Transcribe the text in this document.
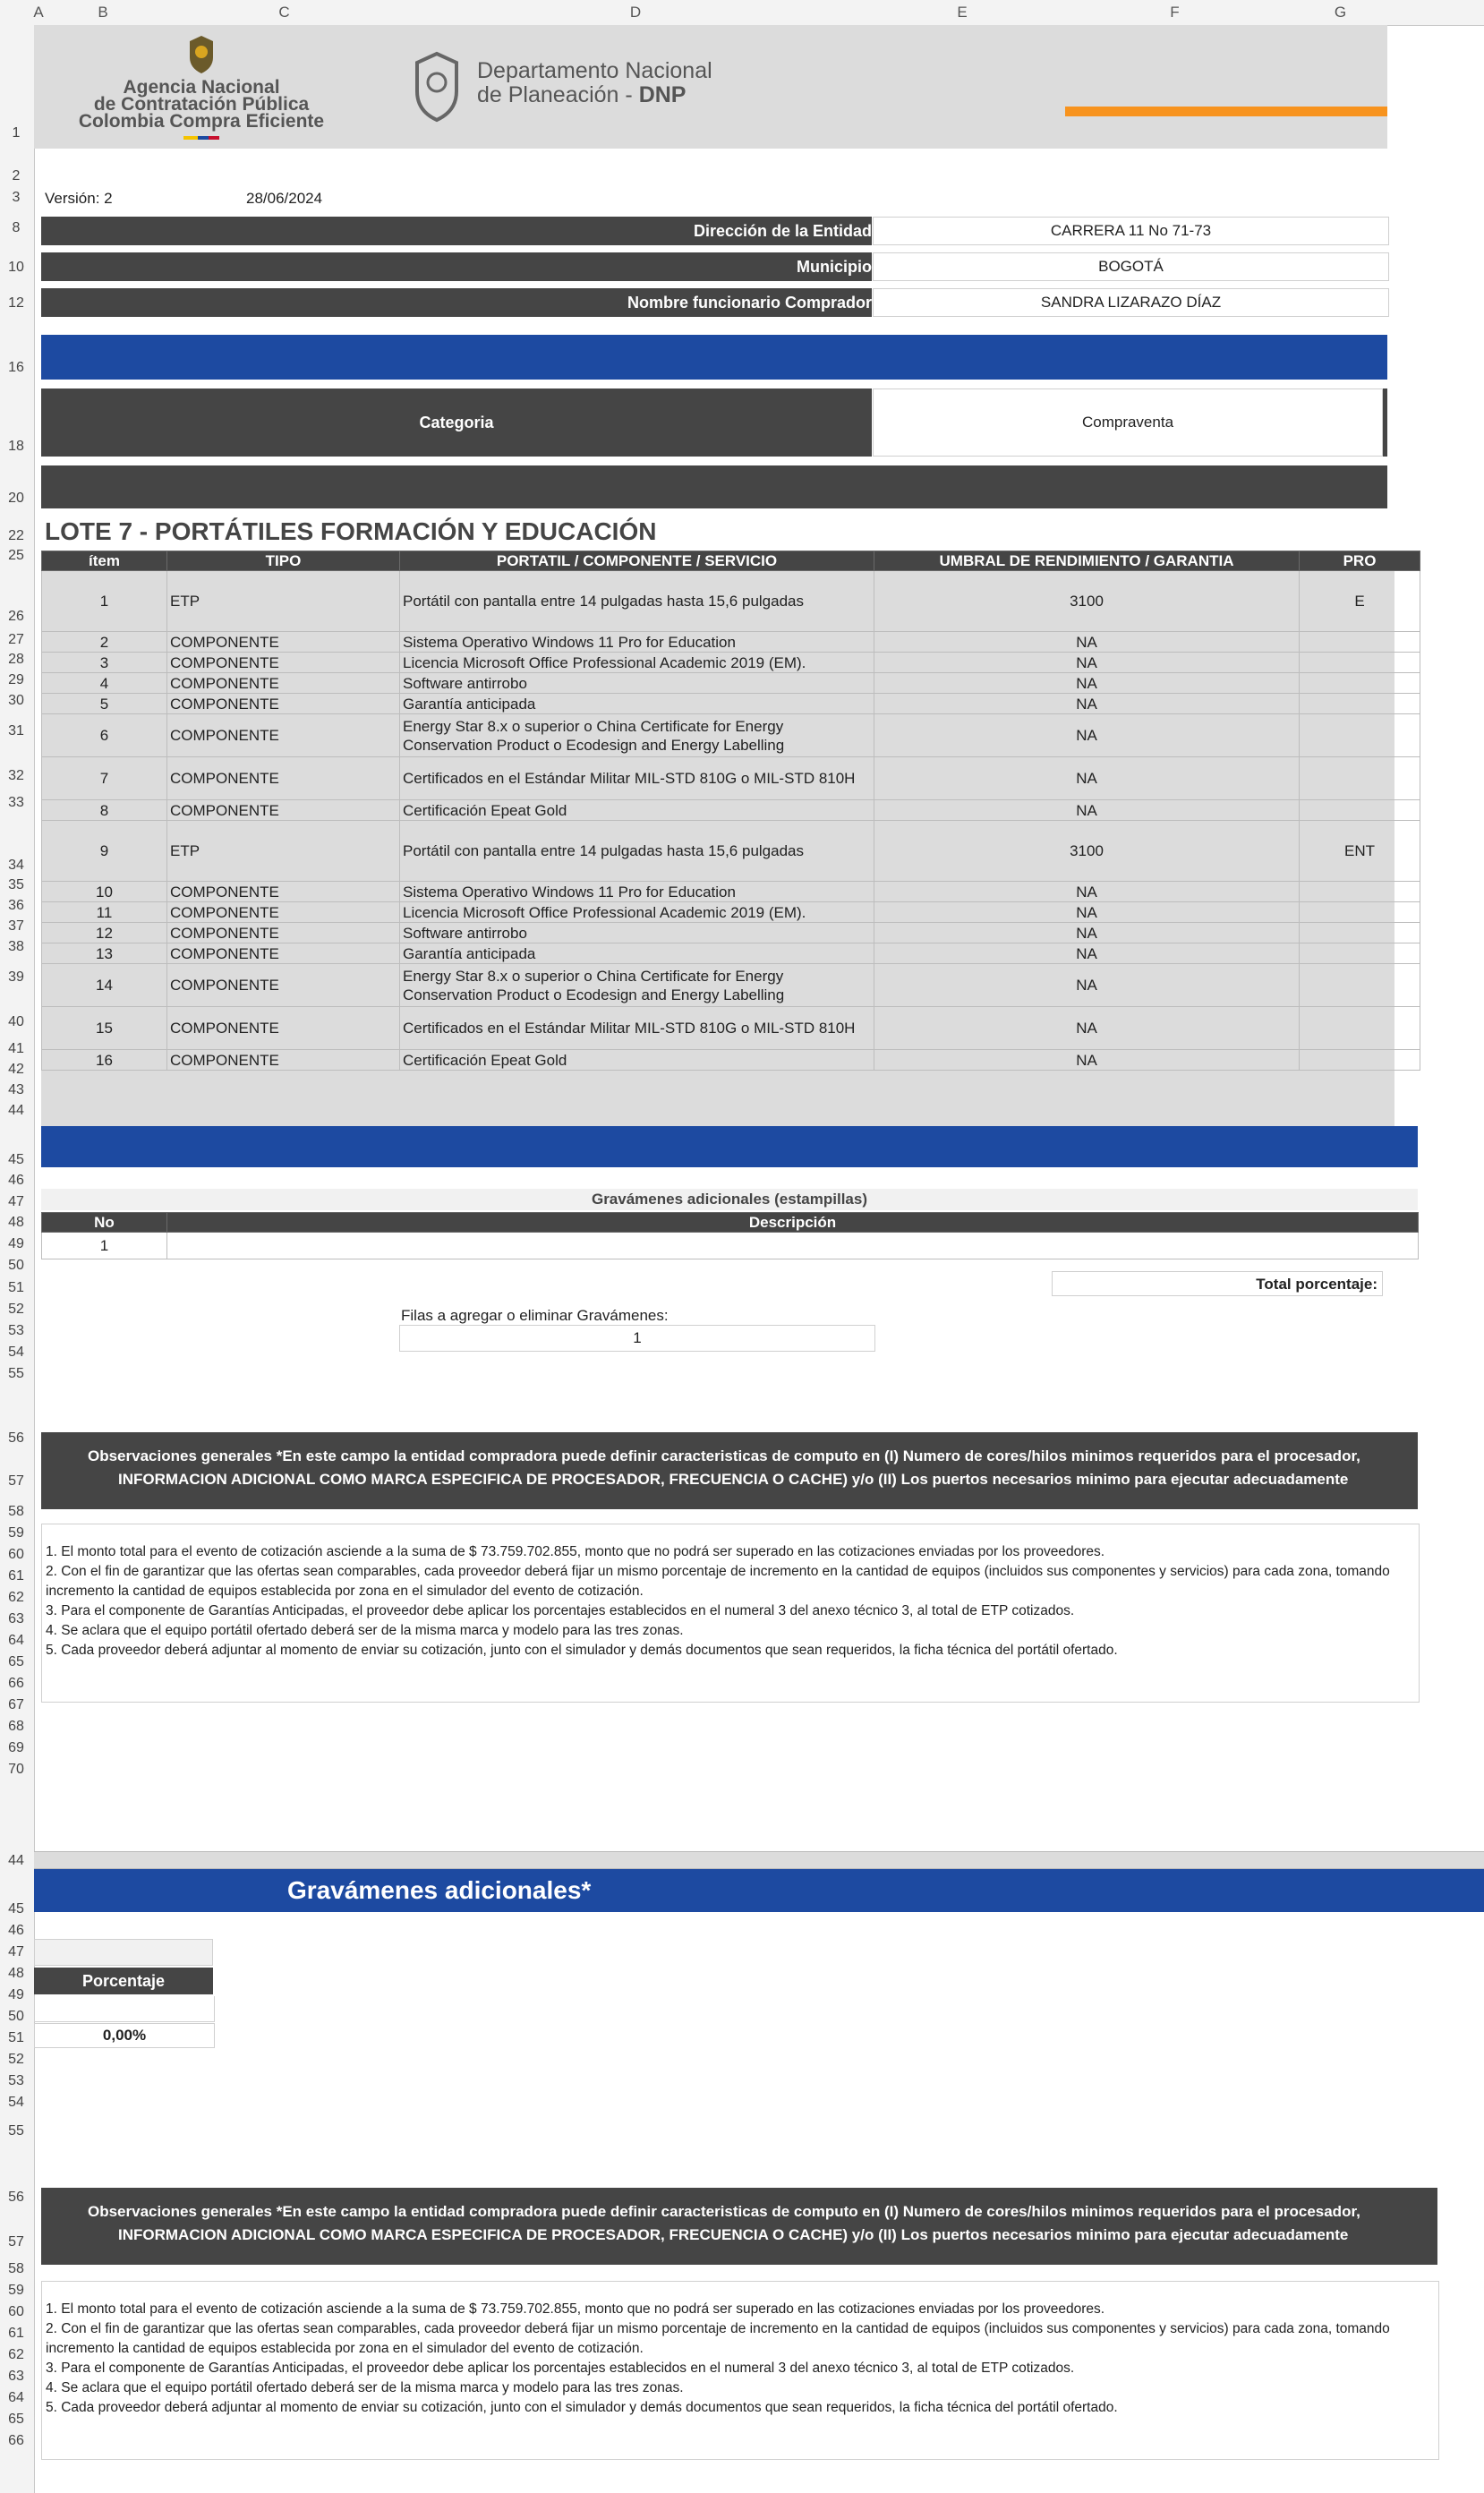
A	B	C	D	E	F	G
1
2
3
8
10
12
16
18
20
22
25
26
27
28
29
30
31
32
33
34
35
36
37
38
39
40
41
42
43
44
45
46
47
48
49
50
51
52
53
54
55
56
57
58
59
60
61
62
63
64
65
66
67
68
69
70
44
45
46
47
48
49
50
51
52
53
54
55
56
57
58
59
60
61
62
63
64
65
66
Agencia Nacional
de Contratación Pública
Colombia Compra Eficiente
Departamento Nacional
de Planeación - DNP
Versión: 2	28/06/2024
Dirección de la Entidad	CARRERA 11 No 71-73
Municipio	BOGOTÁ
Nombre funcionario Comprador	SANDRA LIZARAZO DÍAZ
Categoria	Compraventa
LOTE 7 - PORTÁTILES FORMACIÓN Y EDUCACIÓN
ítem	TIPO	PORTATIL / COMPONENTE / SERVICIO	UMBRAL DE RENDIMIENTO / GARANTIA	PRO
1	ETP	Portátil con pantalla entre 14 pulgadas hasta 15,6 pulgadas	3100	E
2	COMPONENTE	Sistema Operativo Windows 11 Pro for Education	NA	
3	COMPONENTE	Licencia Microsoft Office Professional Academic 2019 (EM).	NA	
4	COMPONENTE	Software antirrobo	NA	
5	COMPONENTE	Garantía anticipada	NA	
6	COMPONENTE	Energy Star 8.x o superior o China Certificate for Energy Conservation Product o Ecodesign and Energy Labelling	NA	
7	COMPONENTE	Certificados en el Estándar Militar MIL-STD 810G o MIL-STD 810H	NA	
8	COMPONENTE	Certificación Epeat Gold	NA	
9	ETP	Portátil con pantalla entre 14 pulgadas hasta 15,6 pulgadas	3100	ENT
10	COMPONENTE	Sistema Operativo Windows 11 Pro for Education	NA	
11	COMPONENTE	Licencia Microsoft Office Professional Academic 2019 (EM).	NA	
12	COMPONENTE	Software antirrobo	NA	
13	COMPONENTE	Garantía anticipada	NA	
14	COMPONENTE	Energy Star 8.x o superior o China Certificate for Energy Conservation Product o Ecodesign and Energy Labelling	NA	
15	COMPONENTE	Certificados en el Estándar Militar MIL-STD 810G o MIL-STD 810H	NA	
16	COMPONENTE	Certificación Epeat Gold	NA	
Gravámenes adicionales (estampillas)
No	Descripción
1	
Total porcentaje:
Filas a agregar o eliminar Gravámenes:
1
Observaciones generales *En este campo la entidad compradora puede definir caracteristicas de computo en (I) Numero de cores/hilos minimos requeridos para el procesador,
INFORMACION ADICIONAL COMO MARCA ESPECIFICA DE PROCESADOR, FRECUENCIA O CACHE) y/o (II) Los puertos necesarios minimo para ejecutar adecuadamente
1. El monto total para el evento de cotización asciende a la suma de $ 73.759.702.855, monto que no podrá ser superado en las cotizaciones enviadas por los proveedores.
2. Con el fin de garantizar que las ofertas sean comparables, cada proveedor deberá fijar un mismo porcentaje de incremento en la cantidad de equipos (incluidos sus componentes y servicios) para cada zona, tomando
incremento la cantidad de equipos establecida por zona en el simulador del evento de cotización.
3. Para el componente de Garantías Anticipadas, el proveedor debe aplicar los porcentajes establecidos en el numeral 3 del anexo técnico 3, al total de ETP cotizados.
4. Se aclara que el equipo portátil ofertado deberá ser de la misma marca y modelo para las tres zonas.
5. Cada proveedor deberá adjuntar al momento de enviar su cotización, junto con el simulador y demás documentos que sean requeridos, la ficha técnica del portátil ofertado.
Gravámenes adicionales*
Porcentaje
0,00%
Observaciones generales *En este campo la entidad compradora puede definir caracteristicas de computo en (I) Numero de cores/hilos minimos requeridos para el procesador,
INFORMACION ADICIONAL COMO MARCA ESPECIFICA DE PROCESADOR, FRECUENCIA O CACHE) y/o (II) Los puertos necesarios minimo para ejecutar adecuadamente
1. El monto total para el evento de cotización asciende a la suma de $ 73.759.702.855, monto que no podrá ser superado en las cotizaciones enviadas por los proveedores.
2. Con el fin de garantizar que las ofertas sean comparables, cada proveedor deberá fijar un mismo porcentaje de incremento en la cantidad de equipos (incluidos sus componentes y servicios) para cada zona, tomando
incremento la cantidad de equipos establecida por zona en el simulador del evento de cotización.
3. Para el componente de Garantías Anticipadas, el proveedor debe aplicar los porcentajes establecidos en el numeral 3 del anexo técnico 3, al total de ETP cotizados.
4. Se aclara que el equipo portátil ofertado deberá ser de la misma marca y modelo para las tres zonas.
5. Cada proveedor deberá adjuntar al momento de enviar su cotización, junto con el simulador y demás documentos que sean requeridos, la ficha técnica del portátil ofertado.
